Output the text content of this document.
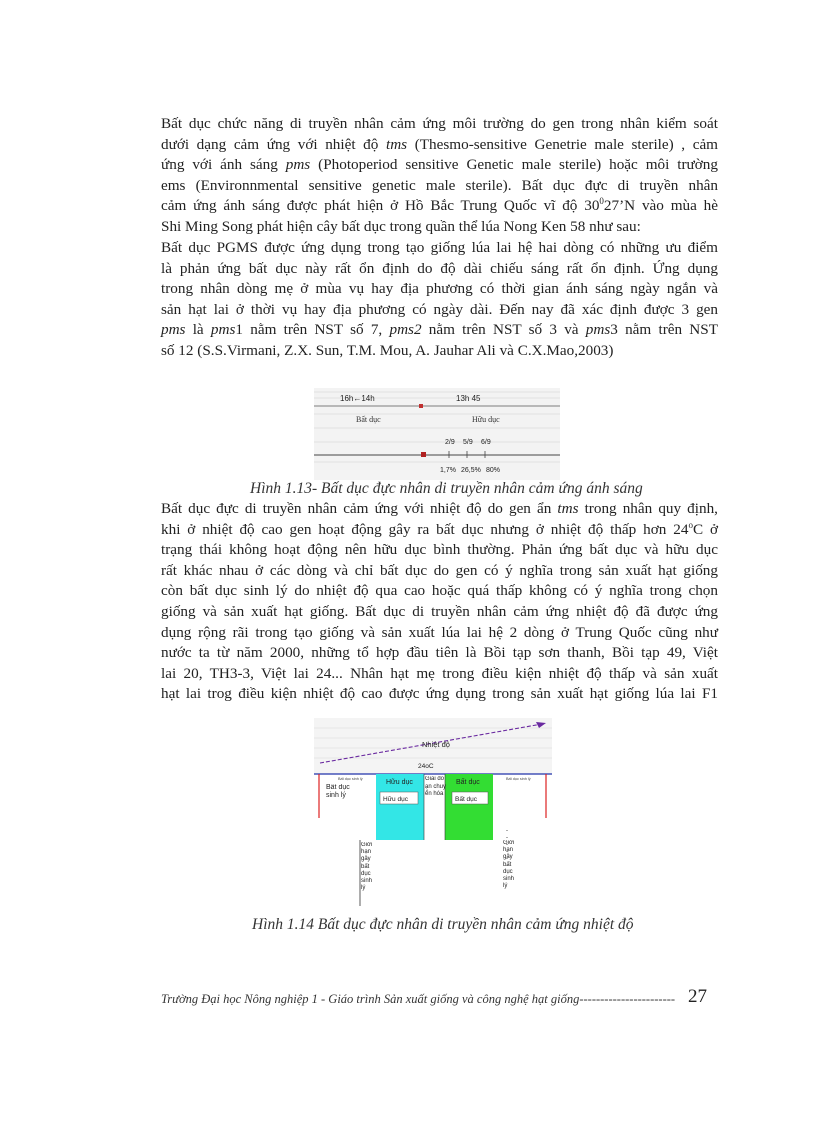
Bất dục chức năng di truyền nhân cảm ứng môi trường do gen trong nhân kiểm soát
dưới dạng cảm ứng với nhiệt độ tms (Thesmo-sensitive Genetrie male sterile) , cảm
ứng với ánh sáng pms (Photoperiod sensitive Genetic male sterile) hoặc môi trường
ems (Environnmental sensitive genetic male sterile). Bất dục đực di truyền nhân
cảm ứng ánh sáng được phát hiện ở Hồ Bắc Trung Quốc vĩ độ $30^027’N$ vào mùa hè
Shi Ming Song phát hiện cây bất dục trong quần thể lúa Nong Ken 58 như sau:
Bất dục PGMS được ứng dụng trong tạo giống lúa lai hệ hai dòng có những ưu điểm
là phản ứng bất dục này rất ổn định do độ dài chiếu sáng rất ổn định. Ứng dụng
trong nhân dòng mẹ ở mùa vụ hay địa phương có thời gian ánh sáng ngày ngắn và
sản hạt lai ở thời vụ hay địa phương có ngày dài. Đến nay đã xác định được 3 gen
pms là pms1 nằm trên NST số 7, pms2 nằm trên NST số 3 và pms3 nằm trên NST
số 12 (S.S.Virmani, Z.X. Sun, T.M. Mou, A. Jauhar Ali và C.X.Mao,2003)
16h←14h	13h 45
Bất dục	Hữu dục
2/9 5/9 6/9
1,7% 26,5% 80%
Hình 1.13- Bất dục đực nhân di truyền nhân cảm ứng ánh sáng
Bất dục đực di truyền nhân cảm ứng với nhiệt độ do gen ẩn tms trong nhân quy định,
khi ở nhiệt độ cao gen hoạt động gây ra bất dục nhưng ở nhiệt độ thấp hơn 24$^o$C ở
trạng thái không hoạt động nên hữu dục bình thường. Phản ứng bất dục và hữu dục
rất khác nhau ở các dòng và chỉ bất dục do gen có ý nghĩa trong sản xuất hạt giống
còn bất dục sinh lý do nhiệt độ qua cao hoặc quá thấp không có ý nghĩa trong chọn
giống và sản xuất hạt giống. Bất dục di truyền nhân cảm ứng nhiệt độ đã được ứng
dụng rộng rãi trong tạo giống và sản xuất lúa lai hệ 2 dòng ở Trung Quốc cũng như
nước ta từ năm 2000, những tổ hợp đầu tiên là Bồi tạp sơn thanh, Bồi tạp 49, Việt
lai 20, TH3-3, Việt lai 24... Nhân hạt mẹ trong điều kiện nhiệt độ thấp và sản xuất
hạt lai trog điều kiện nhiệt độ cao được ứng dụng trong sản xuất hạt giống lúa lai F1
Nhiệt độ
24oC
Bất dục sinh lý	Bất dục sinh lý
Bất dục sinh lý
Hữu dục
Hữu dục
Giai đoạn chuyển hóa
Bất dục
Bất dục
Giới hạn gây bất dục sinh lý
Giới hạn gây bất dục sinh lý
Hình 1.14 Bất dục đực nhân di truyền nhân cảm ứng nhiệt độ
Trường Đại học Nông nghiệp 1 - Giáo trình Sản xuất giống và công nghệ hạt giống----------------------- 27
